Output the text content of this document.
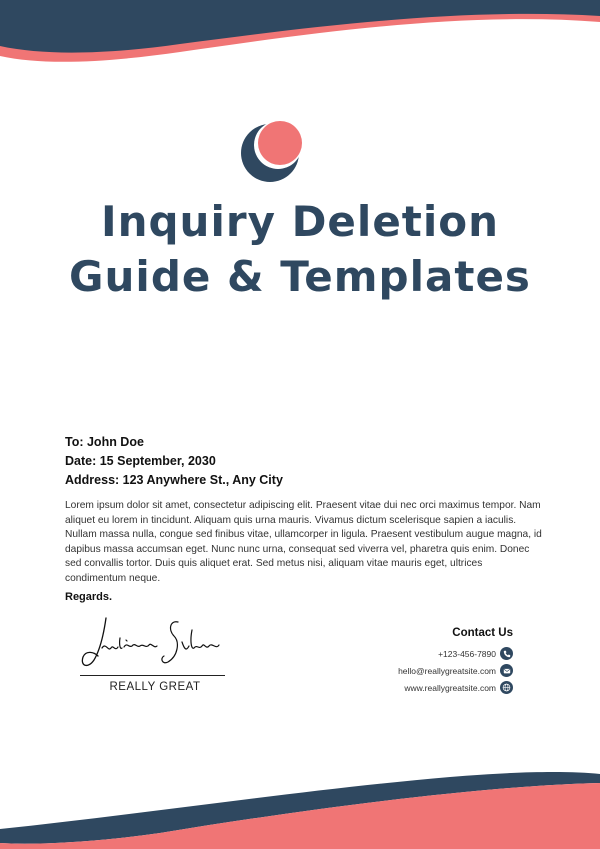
Inquiry Deletion
Guide & Templates
To: John Doe
Date: 15 September, 2030
Address: 123 Anywhere St., Any City
Lorem ipsum dolor sit amet, consectetur adipiscing elit. Praesent vitae dui nec orci maximus tempor. Nam aliquet eu lorem in tincidunt. Aliquam quis urna mauris. Vivamus dictum scelerisque sapien a iaculis. Nullam massa nulla, congue sed finibus vitae, ullamcorper in ligula. Praesent vestibulum augue magna, id dapibus massa accumsan eget. Nunc nunc urna, consequat sed viverra vel, pharetra quis enim. Donec sed convallis tortor. Duis quis aliquet erat. Sed metus nisi, aliquam vitae mauris eget, ultrices condimentum neque.
Regards.
REALLY GREAT
Contact Us
+123-456-7890
hello@reallygreatsite.com
www.reallygreatsite.com
